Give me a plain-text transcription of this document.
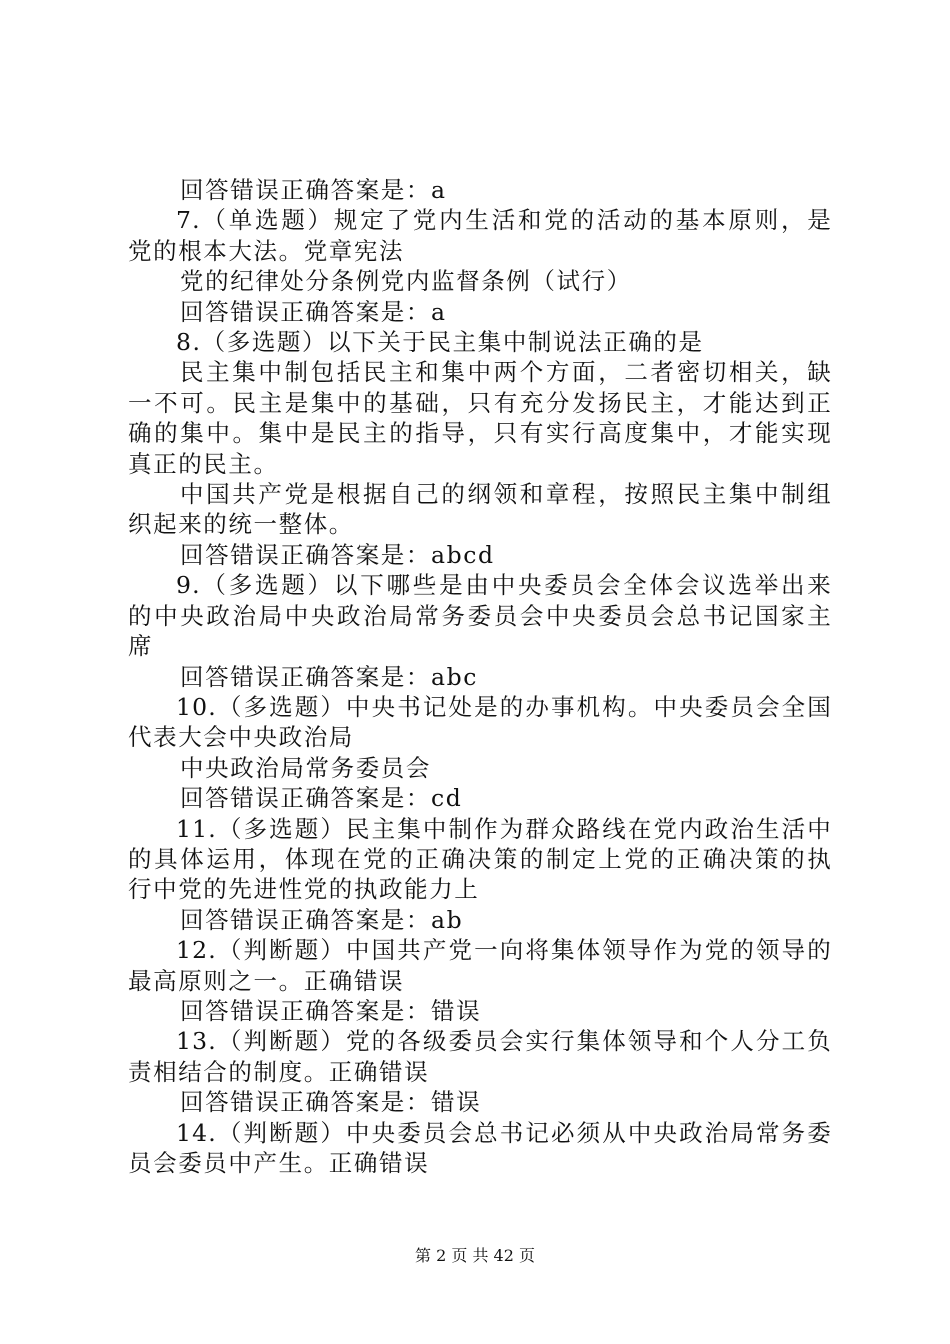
回答错误正确答案是：a
7.（单选题）规定了党内生活和党的活动的基本原则，是
党的根本大法。党章宪法
党的纪律处分条例党内监督条例（试行）
回答错误正确答案是：a
8.（多选题）以下关于民主集中制说法正确的是
民主集中制包括民主和集中两个方面，二者密切相关，缺
一不可。民主是集中的基础，只有充分发扬民主，才能达到正
确的集中。集中是民主的指导，只有实行高度集中，才能实现
真正的民主。
中国共产党是根据自己的纲领和章程，按照民主集中制组
织起来的统一整体。
回答错误正确答案是：abcd
9.（多选题）以下哪些是由中央委员会全体会议选举出来
的中央政治局中央政治局常务委员会中央委员会总书记国家主
席
回答错误正确答案是：abc
10.（多选题）中央书记处是的办事机构。中央委员会全国
代表大会中央政治局
中央政治局常务委员会
回答错误正确答案是：cd
11.（多选题）民主集中制作为群众路线在党内政治生活中
的具体运用，体现在党的正确决策的制定上党的正确决策的执
行中党的先进性党的执政能力上
回答错误正确答案是：ab
12.（判断题）中国共产党一向将集体领导作为党的领导的
最高原则之一。正确错误
回答错误正确答案是：错误
13.（判断题）党的各级委员会实行集体领导和个人分工负
责相结合的制度。正确错误
回答错误正确答案是：错误
14.（判断题）中央委员会总书记必须从中央政治局常务委
员会委员中产生。正确错误
第 2 页 共 42 页
